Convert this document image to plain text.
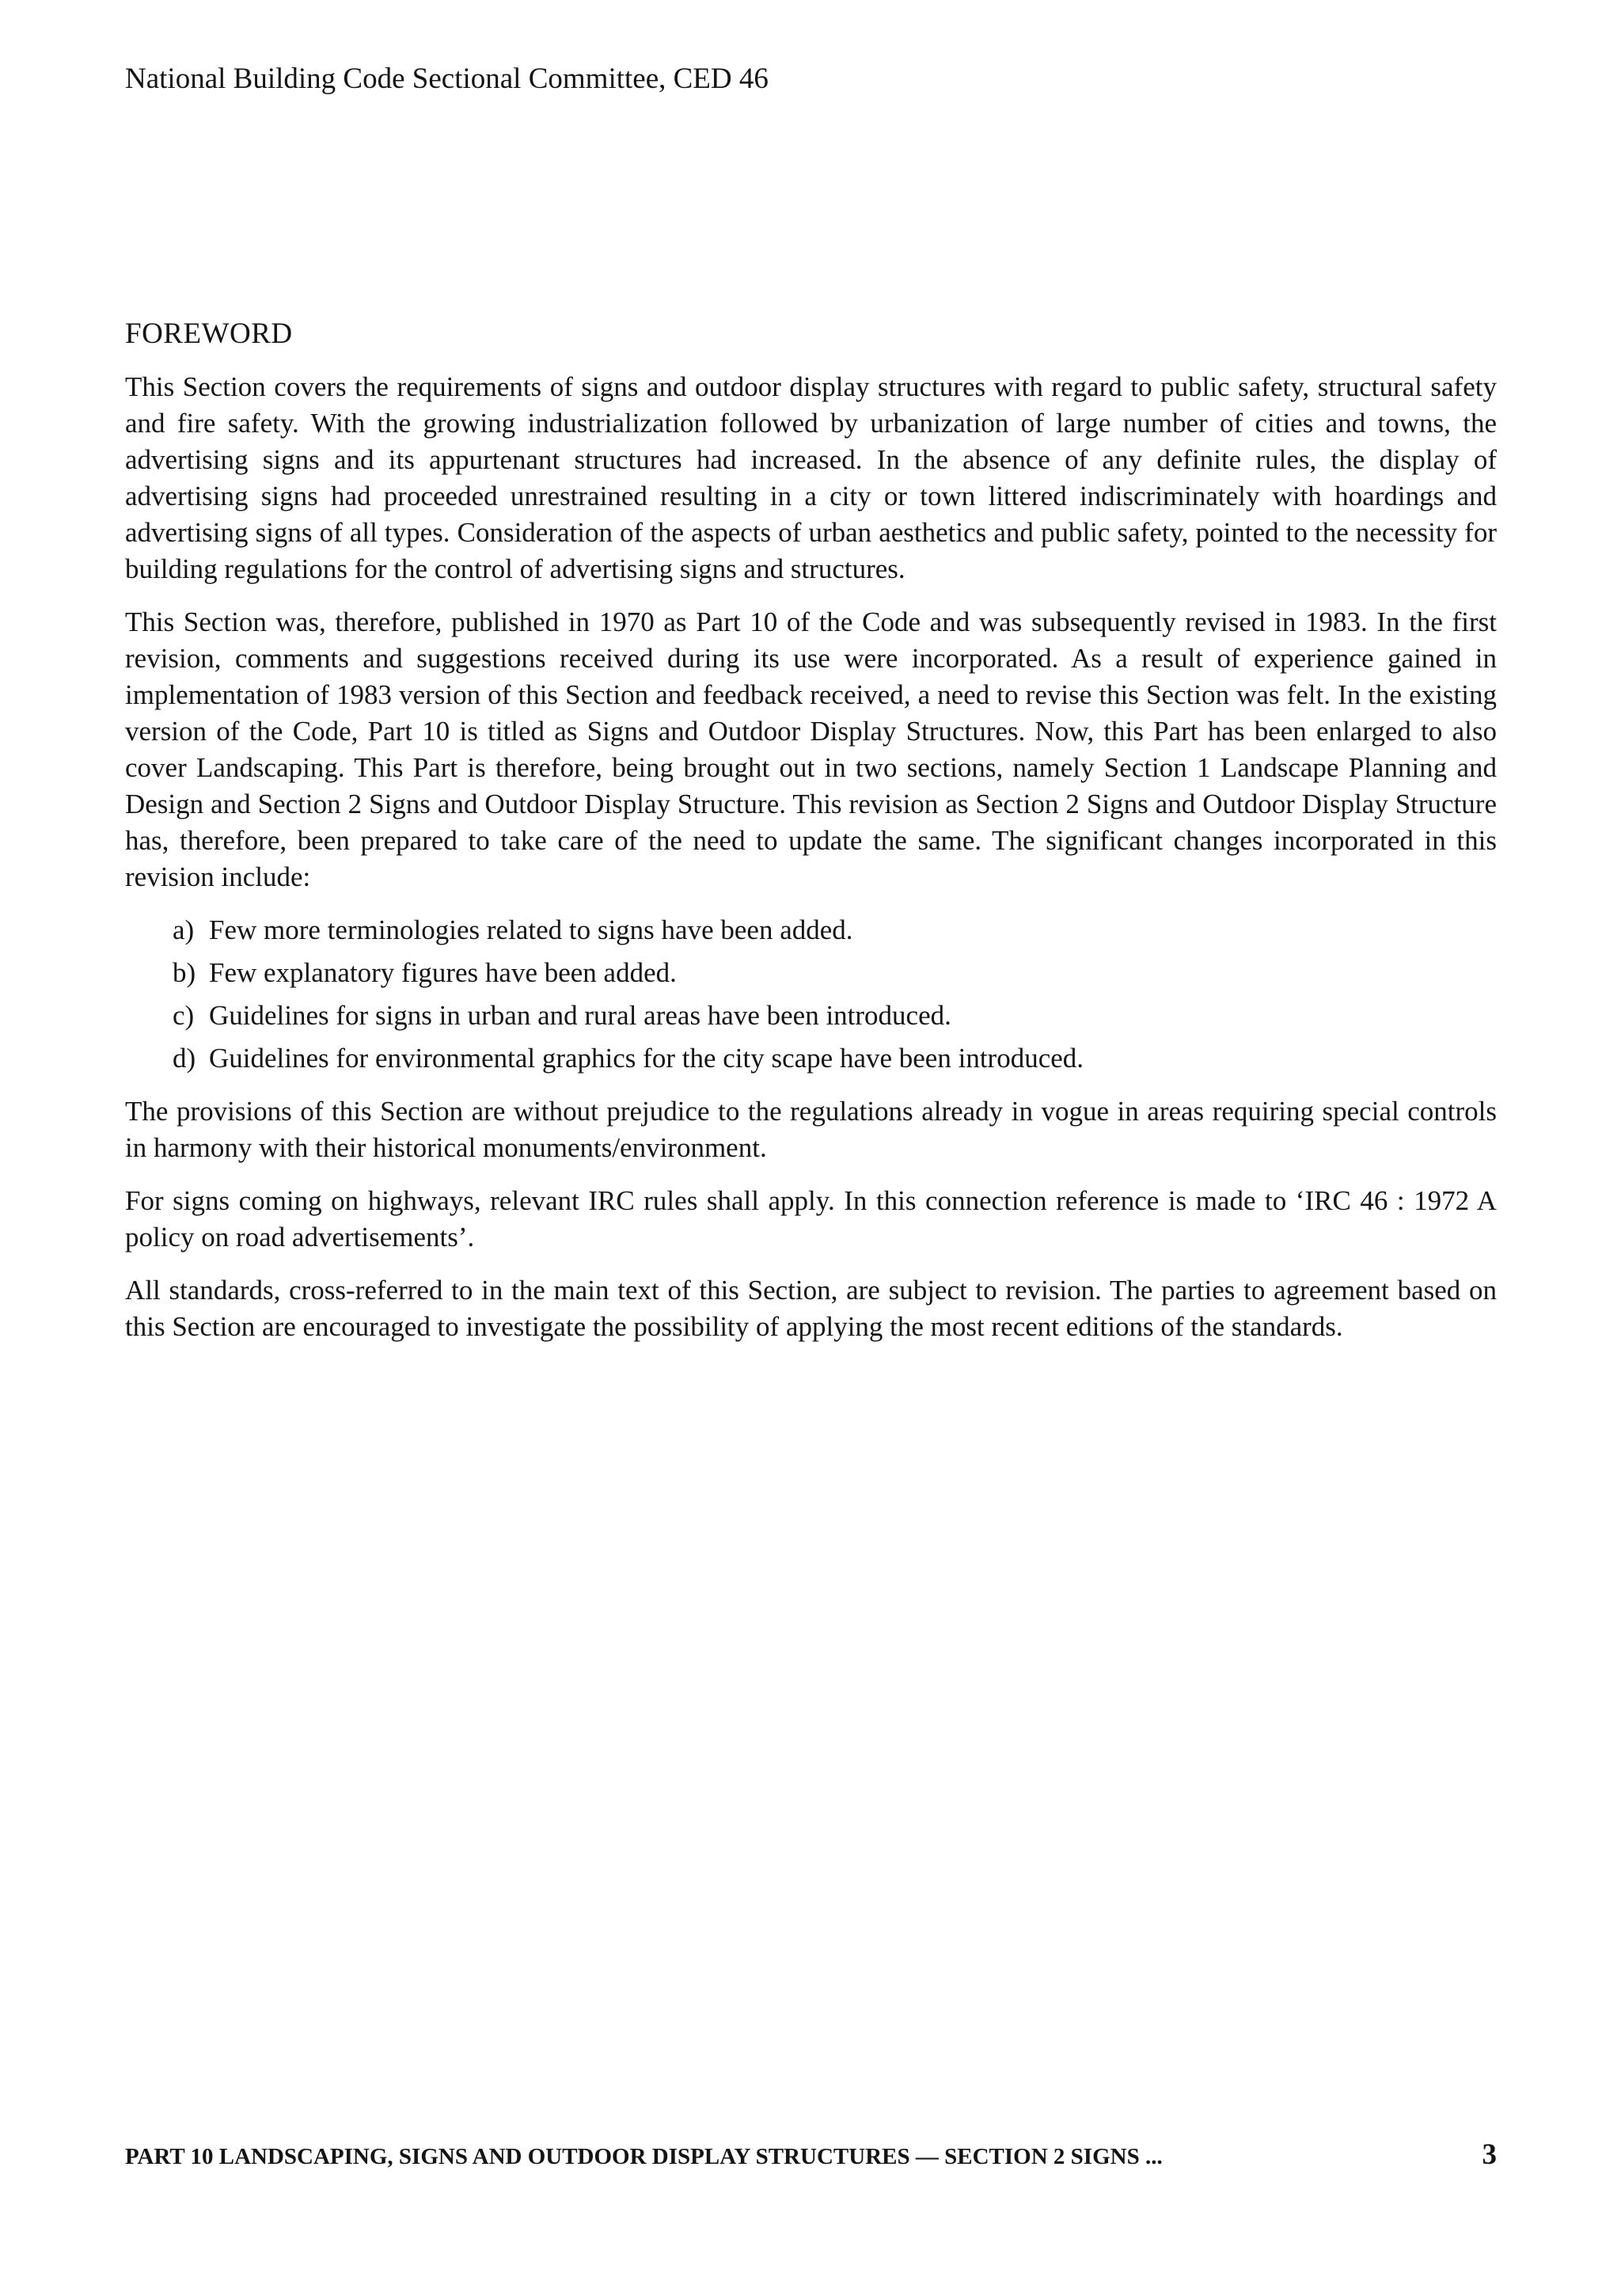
National Building Code Sectional Committee, CED 46
FOREWORD

This Section covers the requirements of signs and outdoor display structures with regard to public safety, structural safety and fire safety. With the growing industrialization followed by urbanization of large number of cities and towns, the advertising signs and its appurtenant structures had increased. In the absence of any definite rules, the display of advertising signs had proceeded unrestrained resulting in a city or town littered indiscriminately with hoardings and advertising signs of all types. Consideration of the aspects of urban aesthetics and public safety, pointed to the necessity for building regulations for the control of advertising signs and structures.

This Section was, therefore, published in 1970 as Part 10 of the Code and was subsequently revised in 1983. In the first revision, comments and suggestions received during its use were incorporated. As a result of experience gained in implementation of 1983 version of this Section and feedback received, a need to revise this Section was felt. In the existing version of the Code, Part 10 is titled as Signs and Outdoor Display Structures. Now, this Part has been enlarged to also cover Landscaping. This Part is therefore, being brought out in two sections, namely Section 1 Landscape Planning and Design and Section 2 Signs and Outdoor Display Structure. This revision as Section 2 Signs and Outdoor Display Structure has, therefore, been prepared to take care of the need to update the same. The significant changes incorporated in this revision include:

a) Few more terminologies related to signs have been added.
b) Few explanatory figures have been added.
c) Guidelines for signs in urban and rural areas have been introduced.
d) Guidelines for environmental graphics for the city scape have been introduced.

The provisions of this Section are without prejudice to the regulations already in vogue in areas requiring special controls in harmony with their historical monuments/environment.

For signs coming on highways, relevant IRC rules shall apply. In this connection reference is made to ‘IRC 46 : 1972 A policy on road advertisements’.

All standards, cross-referred to in the main text of this Section, are subject to revision. The parties to agreement based on this Section are encouraged to investigate the possibility of applying the most recent editions of the standards.

PART 10 LANDSCAPING, SIGNS AND OUTDOOR DISPLAY STRUCTURES — SECTION 2 SIGNS ...	3
